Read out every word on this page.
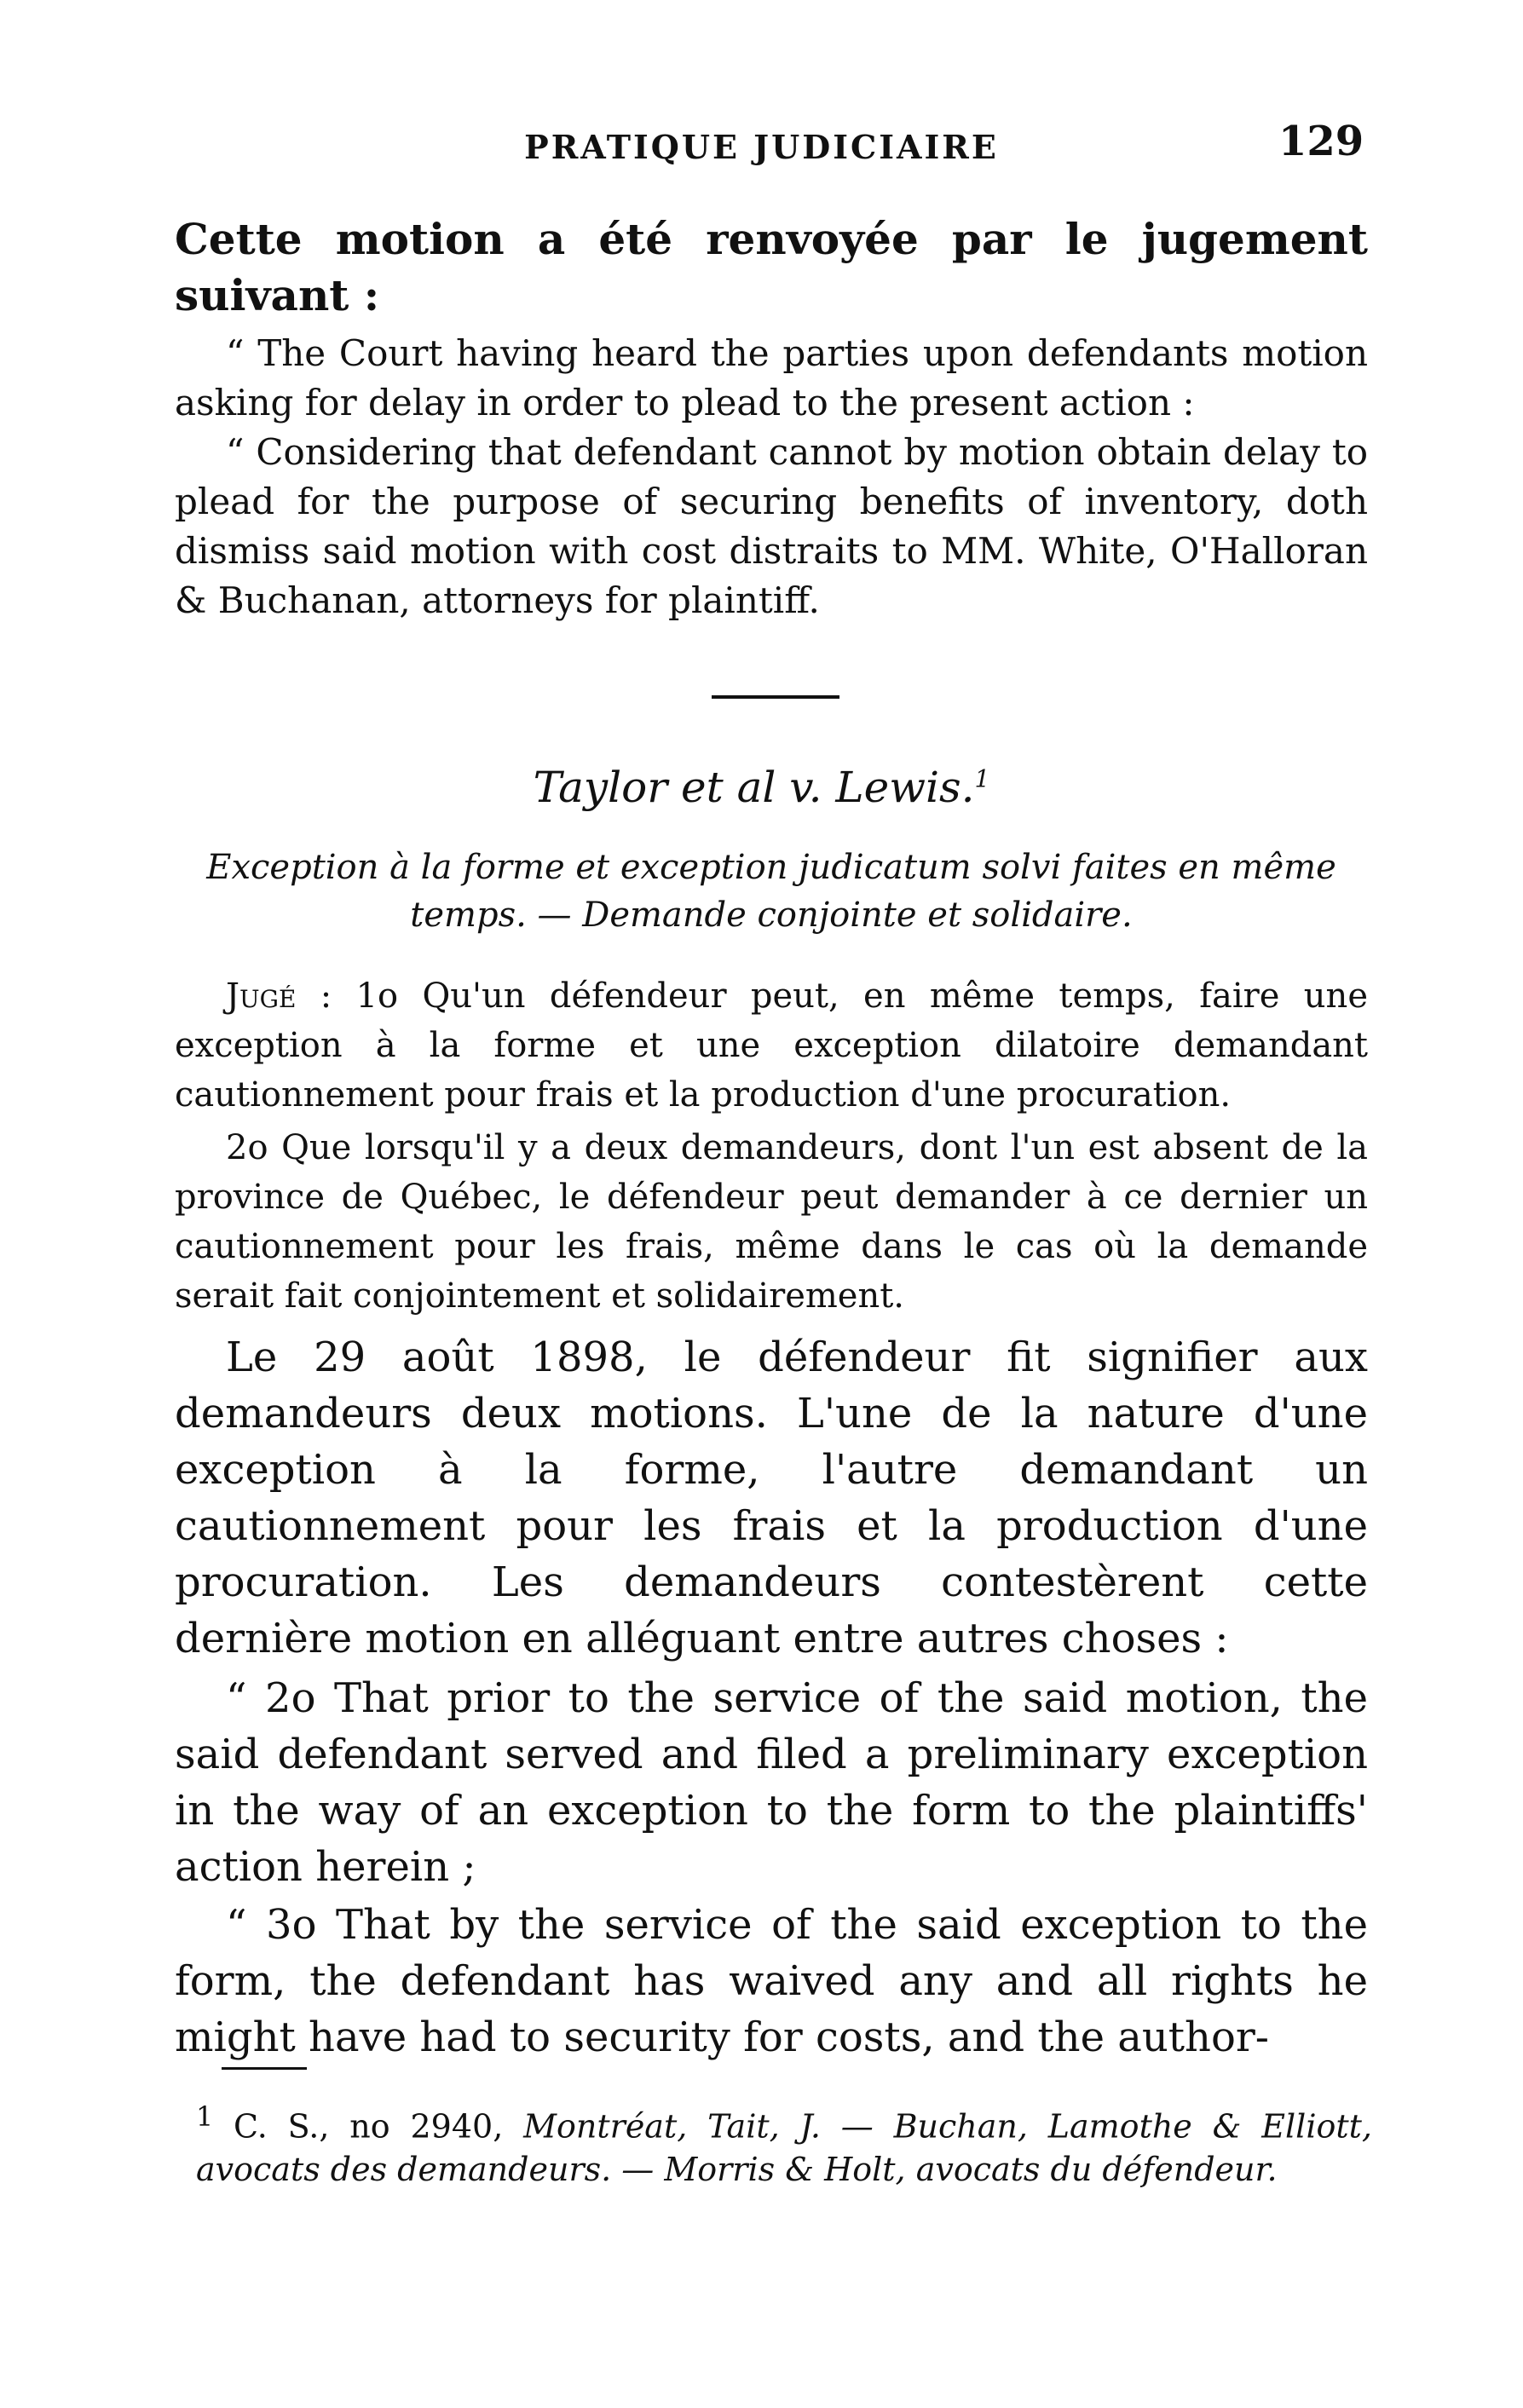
PRATIQUE JUDICIAIRE	129
Cette motion a été renvoyée par le jugement suivant :
“ The Court having heard the parties upon defendants motion asking for delay in order to plead to the present action :
“ Considering that defendant cannot by motion obtain delay to plead for the purpose of securing benefits of inventory, doth dismiss said motion with cost distraits to MM. White, O'Halloran & Buchanan, attorneys for plaintiff.
Taylor et al v. Lewis.$^1$
Exception à la forme et exception judicatum solvi faites en même temps. — Demande conjointe et solidaire.
Jugé : 1o Qu'un défendeur peut, en même temps, faire une exception à la forme et une exception dilatoire demandant cautionnement pour frais et la production d'une procuration.
2o Que lorsqu'il y a deux demandeurs, dont l'un est absent de la province de Québec, le défendeur peut demander à ce dernier un cautionnement pour les frais, même dans le cas où la demande serait fait conjointement et solidairement.
Le 29 août 1898, le défendeur fit signifier aux demandeurs deux motions. L'une de la nature d'une exception à la forme, l'autre demandant un cautionnement pour les frais et la production d'une procuration. Les demandeurs contestèrent cette dernière motion en alléguant entre autres choses :
“ 2o That prior to the service of the said motion, the said defendant served and filed a preliminary exception in the way of an exception to the form to the plaintiffs' action herein ;
“ 3o That by the service of the said exception to the form, the defendant has waived any and all rights he might have had to security for costs, and the author-
$^1$ C. S., no 2940, Montréat, Tait, J. — Buchan, Lamothe & Elliott, avocats des demandeurs. — Morris & Holt, avocats du défendeur.
